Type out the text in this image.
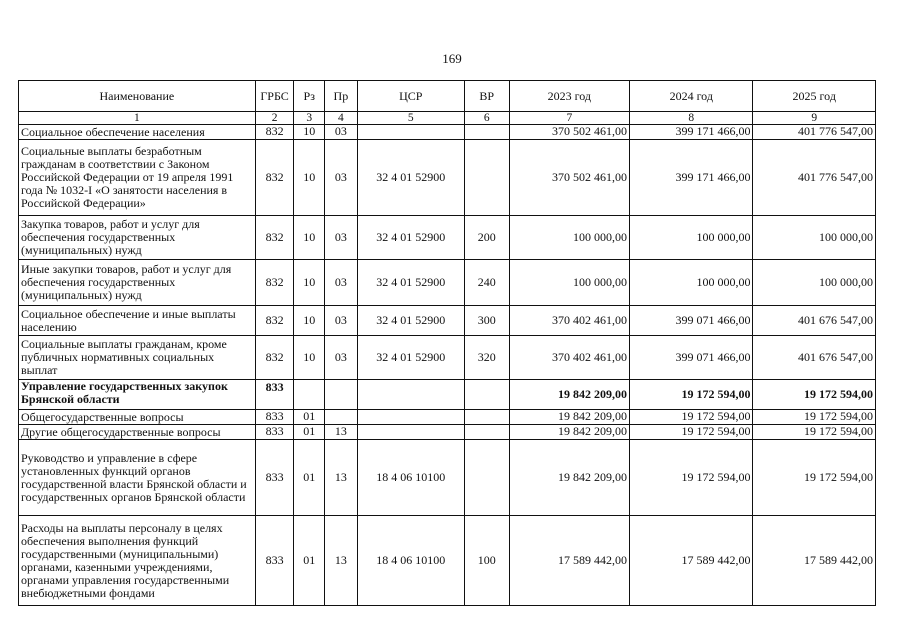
169
Наименование	ГРБС	Рз	Пр	ЦСР	ВР	2023 год	2024 год	2025 год
1	2	3	4	5	6	7	8	9
Социальное обеспечение населения	832	10	03			370 502 461,00	399 171 466,00	401 776 547,00
Социальные выплаты безработным гражданам в соответствии с Законом Российской Федерации от 19 апреля 1991 года № 1032-I «О занятости населения в Российской Федерации»	832	10	03	32 4 01 52900		370 502 461,00	399 171 466,00	401 776 547,00
Закупка товаров, работ и услуг для обеспечения государственных (муниципальных) нужд	832	10	03	32 4 01 52900	200	100 000,00	100 000,00	100 000,00
Иные закупки товаров, работ и услуг для обеспечения государственных (муниципальных) нужд	832	10	03	32 4 01 52900	240	100 000,00	100 000,00	100 000,00
Социальное обеспечение и иные выплаты населению	832	10	03	32 4 01 52900	300	370 402 461,00	399 071 466,00	401 676 547,00
Социальные выплаты гражданам, кроме публичных нормативных социальных выплат	832	10	03	32 4 01 52900	320	370 402 461,00	399 071 466,00	401 676 547,00
Управление государственных закупок Брянской области	833					19 842 209,00	19 172 594,00	19 172 594,00
Общегосударственные вопросы	833	01				19 842 209,00	19 172 594,00	19 172 594,00
Другие общегосударственные вопросы	833	01	13			19 842 209,00	19 172 594,00	19 172 594,00
Руководство и управление в сфере установленных функций органов государственной власти Брянской области и государственных органов Брянской области	833	01	13	18 4 06 10100		19 842 209,00	19 172 594,00	19 172 594,00
Расходы на выплаты персоналу в целях обеспечения выполнения функций государственными (муниципальными) органами, казенными учреждениями, органами управления государственными внебюджетными фондами	833	01	13	18 4 06 10100	100	17 589 442,00	17 589 442,00	17 589 442,00
